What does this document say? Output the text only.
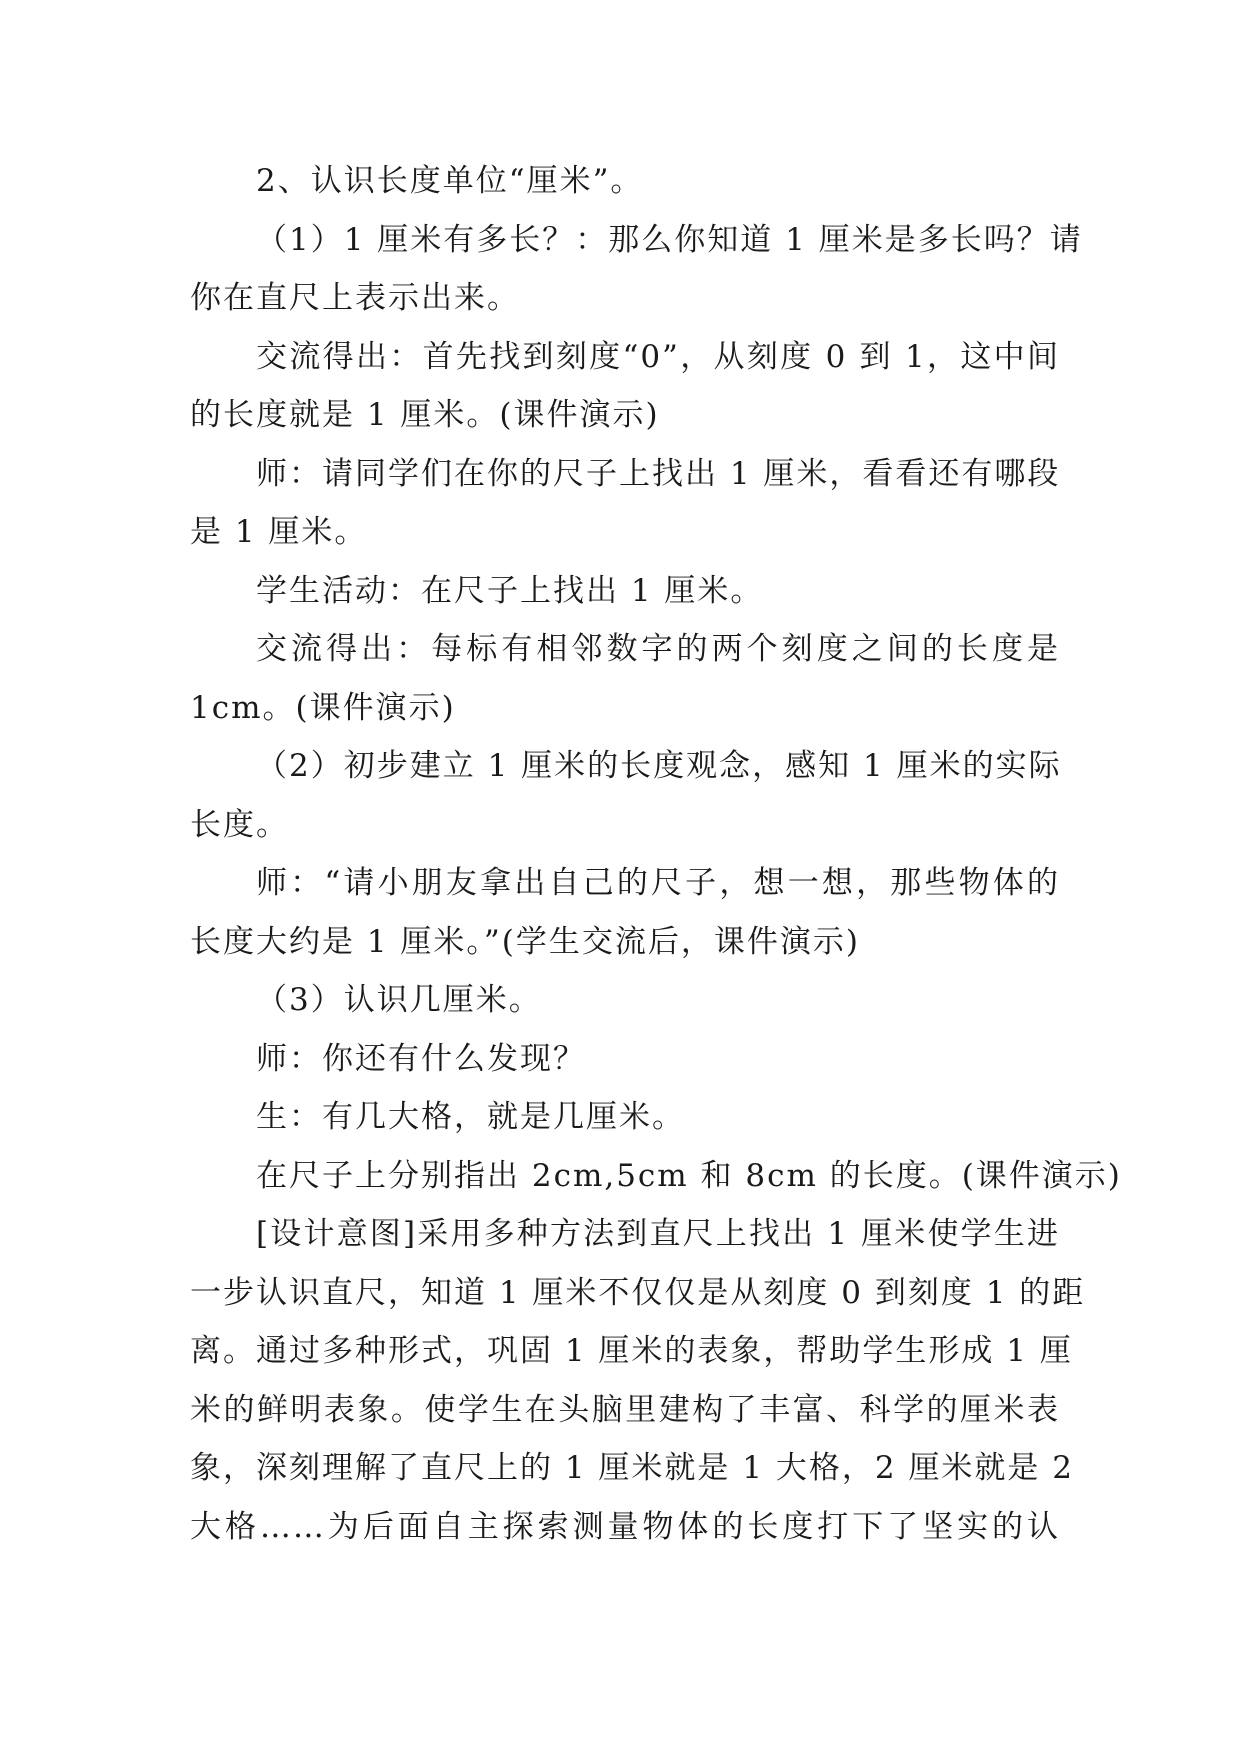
2、认识长度单位“厘米”。
（1）1 厘米有多长？：那么你知道 1 厘米是多长吗？请
你在直尺上表示出来。
交流得出：首先找到刻度“0”，从刻度 0 到 1，这中间
的长度就是 1 厘米。(课件演示)
师：请同学们在你的尺子上找出 1 厘米，看看还有哪段
是 1 厘米。
学生活动：在尺子上找出 1 厘米。
交流得出：每标有相邻数字的两个刻度之间的长度是
1cm。(课件演示)
（2）初步建立 1 厘米的长度观念，感知 1 厘米的实际
长度。
师：“请小朋友拿出自己的尺子，想一想，那些物体的
长度大约是 1 厘米。”(学生交流后，课件演示)
（3）认识几厘米。
师：你还有什么发现？
生：有几大格，就是几厘米。
在尺子上分别指出 2cm,5cm 和 8cm 的长度。(课件演示)
[设计意图]采用多种方法到直尺上找出 1 厘米使学生进
一步认识直尺，知道 1 厘米不仅仅是从刻度 0 到刻度 1 的距
离。通过多种形式，巩固 1 厘米的表象，帮助学生形成 1 厘
米的鲜明表象。使学生在头脑里建构了丰富、科学的厘米表
象，深刻理解了直尺上的 1 厘米就是 1 大格，2 厘米就是 2
大格……为后面自主探索测量物体的长度打下了坚实的认
